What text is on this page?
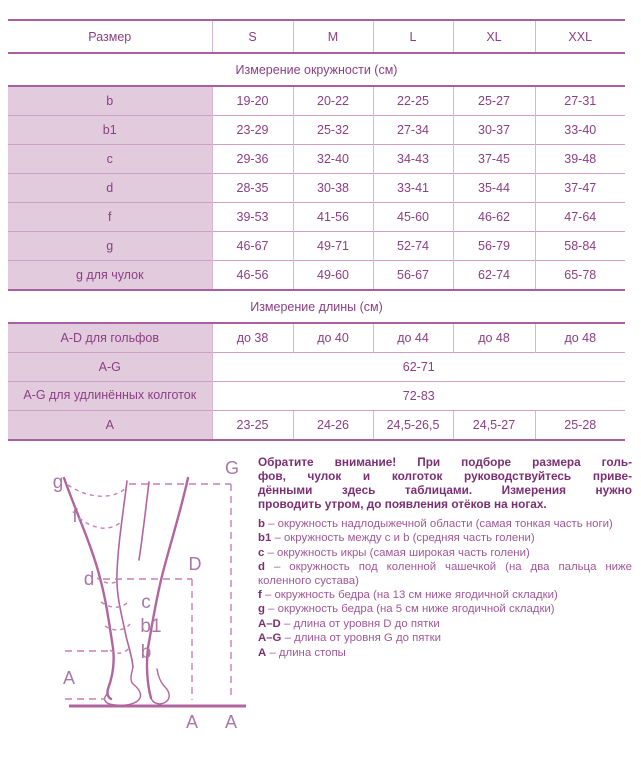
Размер	S	M	L	XL	XXL
Измерение окружности (см)					
b	19-20	20-22	22-25	25-27	27-31
b1	23-29	25-32	27-34	30-37	33-40
c	29-36	32-40	34-43	37-45	39-48
d	28-35	30-38	33-41	35-44	37-47
f	39-53	41-56	45-60	46-62	47-64
g	46-67	49-71	52-74	56-79	58-84
g для чулок	46-56	49-60	56-67	62-74	65-78
Измерение длины (см)					
A-D для гольфов	до 38	до 40	до 44	до 48	до 48
A-G	62-71				
A-G для удлинённых колготок	72-83				
A	23-25	24-26	24,5-26,5	24,5-27	25-28
g
f
d
c
b1
b
A
G
D
A A
Обратите внимание! При подборе размера голь-
фов, чулок и колготок руководствуйтесь приве-
дёнными здесь таблицами. Измерения нужно
проводить утром, до появления отёков на ногах.
b – окружность надлодыжечной области (самая тонкая часть ноги)
b1 – окружность между с и b (средняя часть голени)
c – окружность икры (самая широкая часть голени)
d – окружность под коленной чашечкой (на два пальца ниже коленного сустава)
f – окружность бедра (на 13 см ниже ягодичной складки)
g – окружность бедра (на 5 см ниже ягодичной складки)
A–D – длина от уровня D до пятки
A–G – длина от уровня G до пятки
A – длина стопы
